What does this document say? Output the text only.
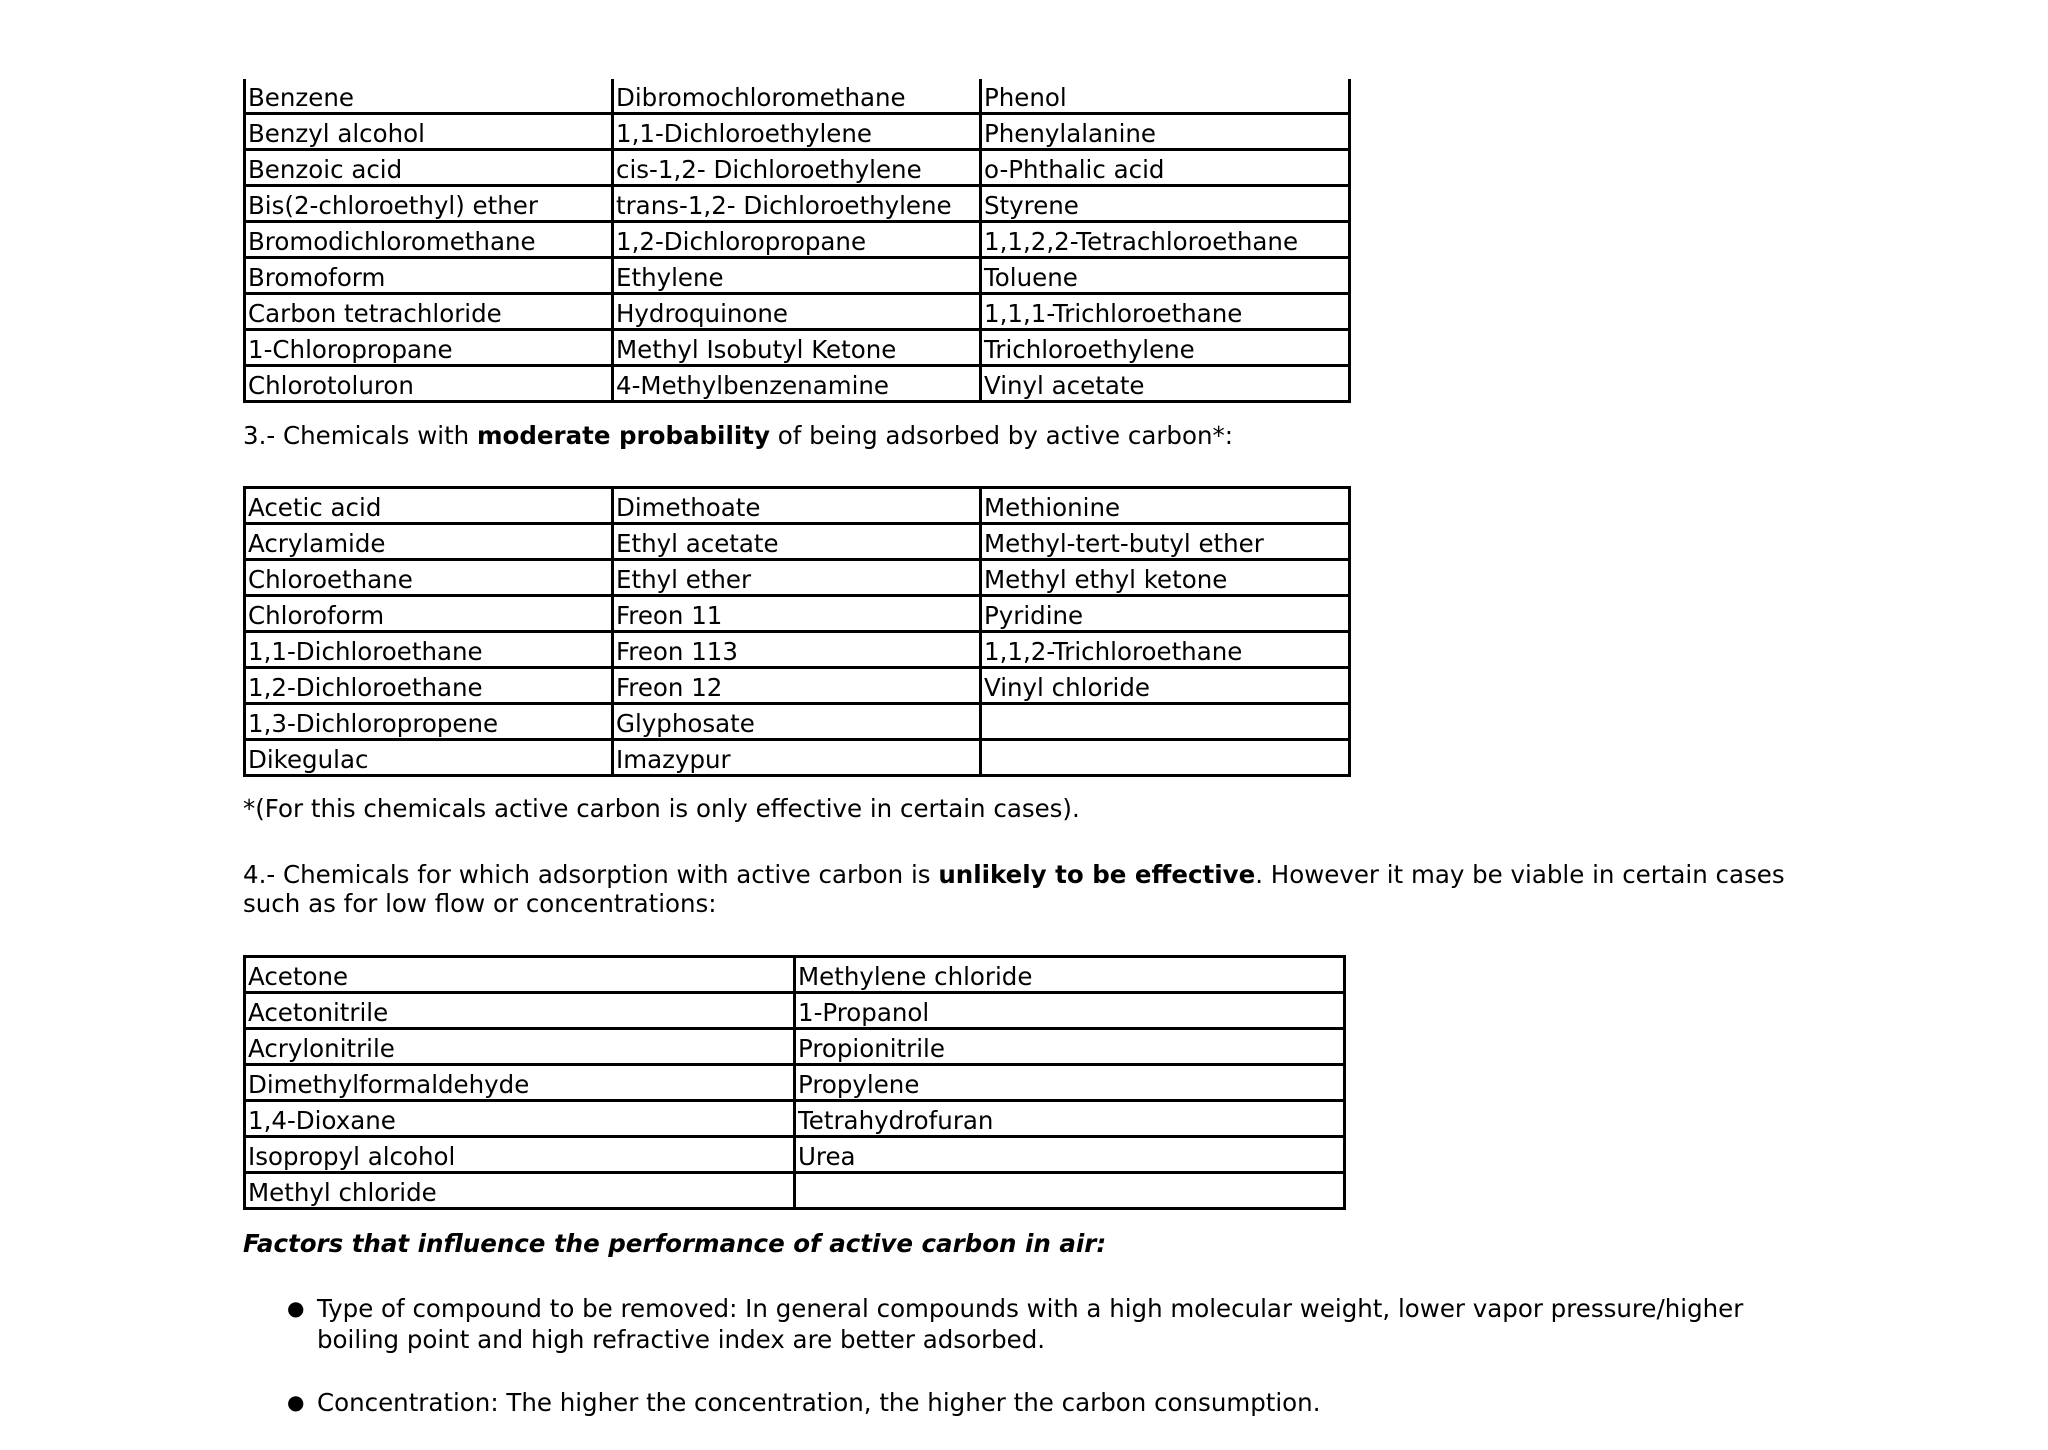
Benzene	Dibromochloromethane	Phenol
Benzyl alcohol	1,1-Dichloroethylene	Phenylalanine
Benzoic acid	cis-1,2- Dichloroethylene	o-Phthalic acid
Bis(2-chloroethyl) ether	trans-1,2- Dichloroethylene	Styrene
Bromodichloromethane	1,2-Dichloropropane	1,1,2,2-Tetrachloroethane
Bromoform	Ethylene	Toluene
Carbon tetrachloride	Hydroquinone	1,1,1-Trichloroethane
1-Chloropropane	Methyl Isobutyl Ketone	Trichloroethylene
Chlorotoluron	4-Methylbenzenamine	Vinyl acetate

3.- Chemicals with moderate probability of being adsorbed by active carbon*:

Acetic acid	Dimethoate	Methionine
Acrylamide	Ethyl acetate	Methyl-tert-butyl ether
Chloroethane	Ethyl ether	Methyl ethyl ketone
Chloroform	Freon 11	Pyridine
1,1-Dichloroethane	Freon 113	1,1,2-Trichloroethane
1,2-Dichloroethane	Freon 12	Vinyl chloride
1,3-Dichloropropene	Glyphosate	
Dikegulac	Imazypur	

*(For this chemicals active carbon is only effective in certain cases).

4.- Chemicals for which adsorption with active carbon is unlikely to be effective. However it may be viable in certain cases
such as for low flow or concentrations:

Acetone	Methylene chloride
Acetonitrile	1-Propanol
Acrylonitrile	Propionitrile
Dimethylformaldehyde	Propylene
1,4-Dioxane	Tetrahydrofuran
Isopropyl alcohol	Urea
Methyl chloride	

Factors that influence the performance of active carbon in air:

● Type of compound to be removed: In general compounds with a high molecular weight, lower vapor pressure/higher
boiling point and high refractive index are better adsorbed.
● Concentration: The higher the concentration, the higher the carbon consumption.
